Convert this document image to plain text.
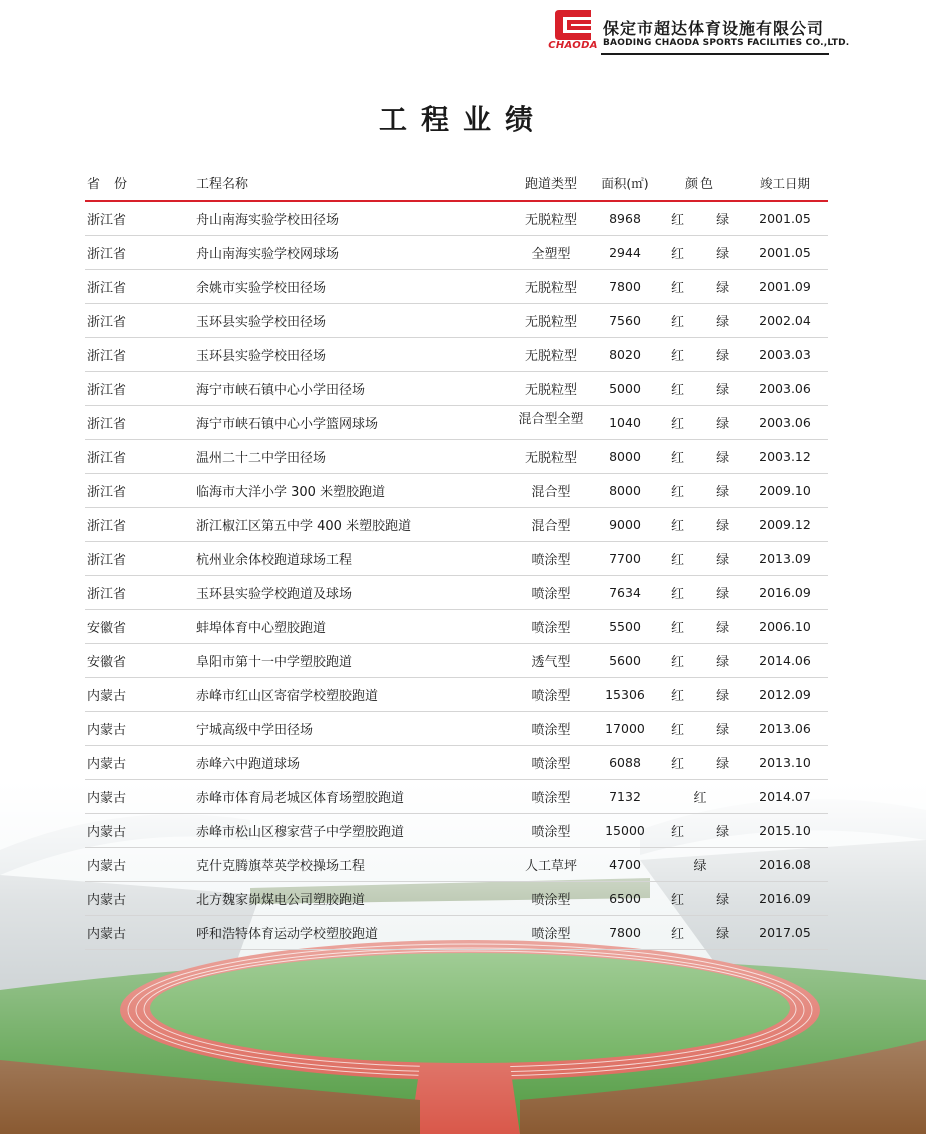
CHAODA
保定市超达体育设施有限公司
BAODING CHAODA SPORTS FACILITIES CO.,LTD.
工程业绩
省份	工程名称	跑道类型	面积(㎡)	颜色	竣工日期
浙江省	舟山南海实验学校田径场	无脱粒型	8968	红 绿	2001.05
浙江省	舟山南海实验学校网球场	全塑型	2944	红 绿	2001.05
浙江省	余姚市实验学校田径场	无脱粒型	7800	红 绿	2001.09
浙江省	玉环县实验学校田径场	无脱粒型	7560	红 绿	2002.04
浙江省	玉环县实验学校田径场	无脱粒型	8020	红 绿	2003.03
浙江省	海宁市峡石镇中心小学田径场	无脱粒型	5000	红 绿	2003.06
浙江省	海宁市峡石镇中心小学篮网球场	混合型全塑	1040	红 绿	2003.06
浙江省	温州二十二中学田径场	无脱粒型	8000	红 绿	2003.12
浙江省	临海市大洋小学 300 米塑胶跑道	混合型	8000	红 绿	2009.10
浙江省	浙江椒江区第五中学 400 米塑胶跑道	混合型	9000	红 绿	2009.12
浙江省	杭州业余体校跑道球场工程	喷涂型	7700	红 绿	2013.09
浙江省	玉环县实验学校跑道及球场	喷涂型	7634	红 绿	2016.09
安徽省	蚌埠体育中心塑胶跑道	喷涂型	5500	红 绿	2006.10
安徽省	阜阳市第十一中学塑胶跑道	透气型	5600	红 绿	2014.06
内蒙古	赤峰市红山区寄宿学校塑胶跑道	喷涂型	15306	红 绿	2012.09
内蒙古	宁城高级中学田径场	喷涂型	17000	红 绿	2013.06
内蒙古	赤峰六中跑道球场	喷涂型	6088	红 绿	2013.10
内蒙古	赤峰市体育局老城区体育场塑胶跑道	喷涂型	7132	红	2014.07
内蒙古	赤峰市松山区穆家营子中学塑胶跑道	喷涂型	15000	红 绿	2015.10
内蒙古	克什克腾旗萃英学校操场工程	人工草坪	4700	绿	2016.08
内蒙古	北方魏家峁煤电公司塑胶跑道	喷涂型	6500	红 绿	2016.09
内蒙古	呼和浩特体育运动学校塑胶跑道	喷涂型	7800	红 绿	2017.05
